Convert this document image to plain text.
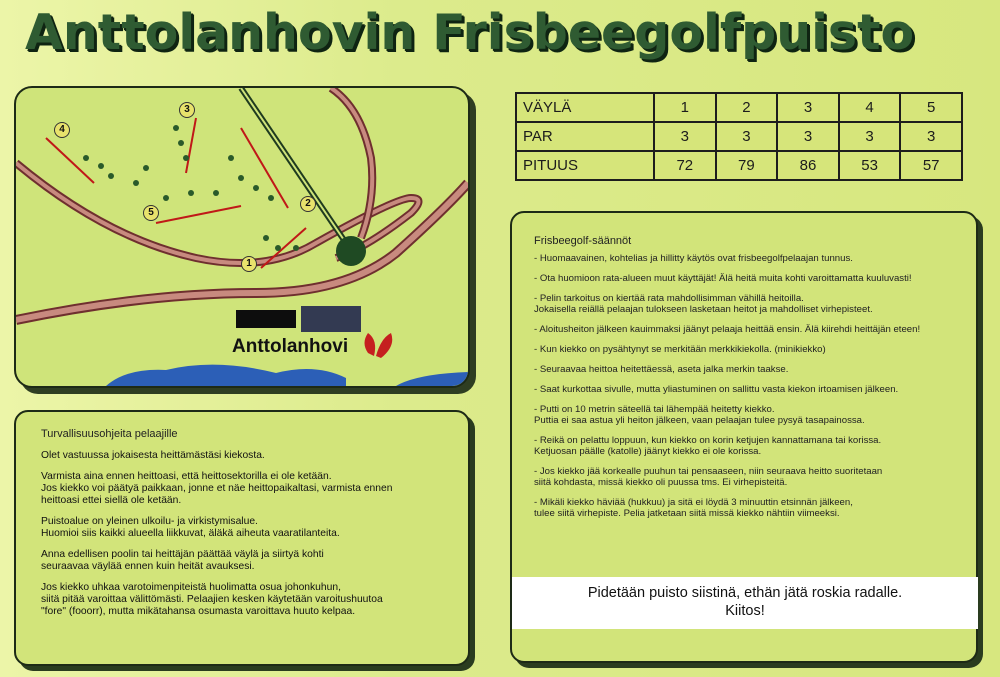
Anttolanhovin Frisbeegolfpuisto
3
4
5
2
1
Anttolanhovi
VÄYLÄ	1	2	3	4	5
PAR	3	3	3	3	3
PITUUS	72	79	86	53	57
Frisbeegolf-säännöt

- Huomaavainen, kohtelias ja hillitty käytös ovat frisbeegolfpelaajan tunnus.

- Ota huomioon rata-alueen muut käyttäjät! Älä heitä muita kohti varoittamatta kuuluvasti!

- Pelin tarkoitus on kiertää rata mahdollisimman vähillä heitoilla.
Jokaisella reiällä pelaajan tulokseen lasketaan heitot ja mahdolliset virhepisteet.

- Aloitusheiton jälkeen kauimmaksi jäänyt pelaaja heittää ensin. Älä kiirehdi heittäjän eteen!

- Kun kiekko on pysähtynyt se merkitään merkkikiekolla. (minikiekko)

- Seuraavaa heittoa heitettäessä, aseta jalka merkin taakse.

- Saat kurkottaa sivulle, mutta yliastuminen on sallittu vasta kiekon irtoamisen jälkeen.

- Putti on 10 metrin säteellä tai lähempää heitetty kiekko.
Puttia ei saa astua yli heiton jälkeen, vaan pelaajan tulee pysyä tasapainossa.

- Reikä on pelattu loppuun, kun kiekko on korin ketjujen kannattamana tai korissa.
Ketjuosan päälle (katolle) jäänyt kiekko ei ole korissa.

- Jos kiekko jää korkealle puuhun tai pensaaseen, niin seuraava heitto suoritetaan
siitä kohdasta, missä kiekko oli puussa tms. Ei virhepisteitä.

- Mikäli kiekko häviää (hukkuu) ja sitä ei löydä 3 minuuttin etsinnän jälkeen,
tulee siitä virhepiste. Pelia jatketaan siitä missä kiekko nähtiin viimeeksi.

Pidetään puisto siistinä, ethän jätä roskia radalle.
Kiitos!
Turvallisuusohjeita pelaajille

Olet vastuussa jokaisesta heittämästäsi kiekosta.

Varmista aina ennen heittoasi, että heittosektorilla ei ole ketään.
Jos kiekko voi päätyä paikkaan, jonne et näe heittopaikaltasi, varmista ennen
heittoasi ettei siellä ole ketään.

Puistoalue on yleinen ulkoilu- ja virkistymisalue.
Huomioi siis kaikki alueella liikkuvat, äläkä aiheuta vaaratilanteita.

Anna edellisen poolin tai heittäjän päättää väylä ja siirtyä kohti
seuraavaa väylää ennen kuin heität avauksesi.

Jos kiekko uhkaa varotoimenpiteistä huolimatta osua johonkuhun,
siitä pitää varoittaa välittömästi. Pelaajien kesken käytetään varoitushuutoa
"fore" (fooorr), mutta mikätahansa osumasta varoittava huuto kelpaa.
